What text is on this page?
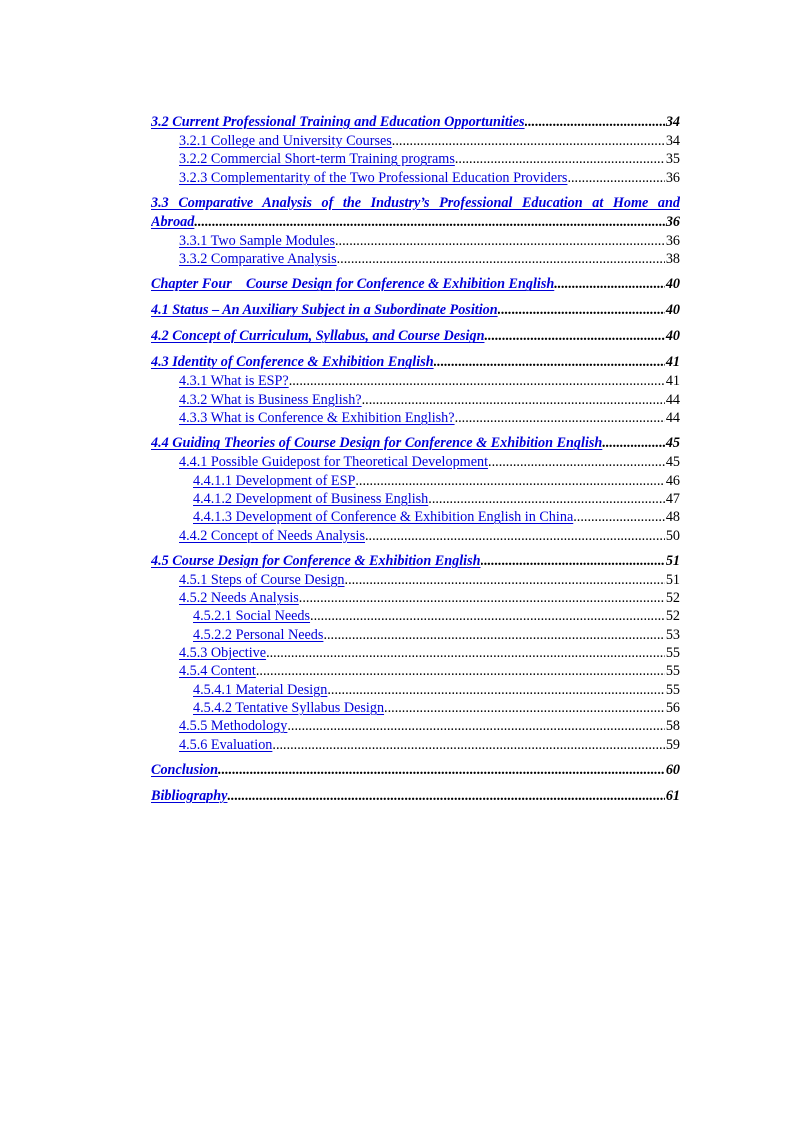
3.2 Current Professional Training and Education Opportunities .....	34
3.2.1 College and University Courses .....	34
3.2.2 Commercial Short-term Training programs .....	35
3.2.3 Complementarity of the Two Professional Education Providers .....	36
3.3 Comparative Analysis of the Industry’s Professional Education at Home and
Abroad .....	36
3.3.1 Two Sample Modules .....	36
3.3.2 Comparative Analysis .....	38
Chapter Four　Course Design for Conference & Exhibition English .....	40
4.1 Status – An Auxiliary Subject in a Subordinate Position .....	40
4.2 Concept of Curriculum, Syllabus, and Course Design .....	40
4.3 Identity of Conference & Exhibition English .....	41
4.3.1 What is ESP? .....	41
4.3.2 What is Business English? .....	44
4.3.3 What is Conference & Exhibition English? .....	44
4.4 Guiding Theories of Course Design for Conference & Exhibition English .....	45
4.4.1 Possible Guidepost for Theoretical Development .....	45
4.4.1.1 Development of ESP .....	46
4.4.1.2 Development of Business English .....	47
4.4.1.3 Development of Conference & Exhibition English in China .....	48
4.4.2 Concept of Needs Analysis .....	50
4.5 Course Design for Conference & Exhibition English .....	51
4.5.1 Steps of Course Design .....	51
4.5.2 Needs Analysis .....	52
4.5.2.1 Social Needs .....	52
4.5.2.2 Personal Needs .....	53
4.5.3 Objective .....	55
4.5.4 Content .....	55
4.5.4.1 Material Design .....	55
4.5.4.2 Tentative Syllabus Design .....	56
4.5.5 Methodology .....	58
4.5.6 Evaluation .....	59
Conclusion .....	60
Bibliography .....	61
